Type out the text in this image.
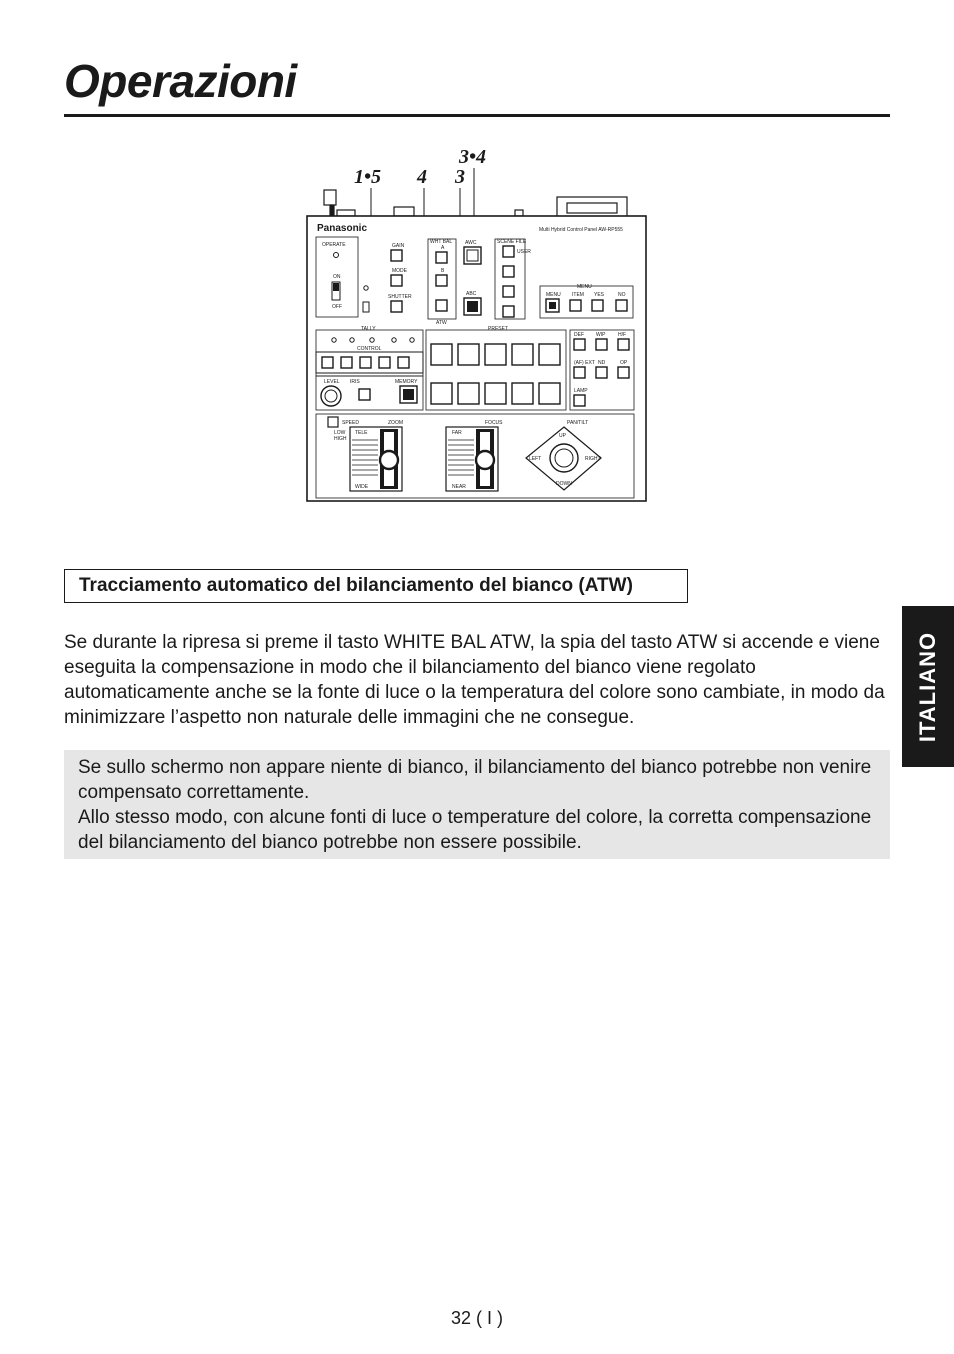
Operazioni
1•5 4 3
3•4
Panasonic	Multi Hybrid Control Panel AW-RP555
OPERATE
ON
OFF
GAIN
MODE
SHUTTER
WHT BAL
A
B
ATW
AWC
ABC
SCENE FILE
USER
MENU
MENU ITEM YES	NO
TALLY
CONTROL
PRESET
DEF WIP	H/F
(AF) EXT ND	OP
LAMP
LEVEL IRIS	MEMORY
SPEED
LOW
HIGH
ZOOM
TELE
WIDE
FOCUS
FAR
NEAR
PAN/TILT
UP
DOWN
LEFT	RIGHT
Tracciamento automatico del bilanciamento del bianco (ATW)

Se durante la ripresa si preme il tasto WHITE BAL ATW, la spia del tasto ATW si accende e viene eseguita la compensazione in modo che il bilanciamento del bianco viene regolato automaticamente anche se la fonte di luce o la temperatura del colore sono cambiate, in modo da minimizzare l’aspetto non naturale delle immagini che ne consegue.

Se sullo schermo non appare niente di bianco, il bilanciamento del bianco potrebbe non venire compensato correttamente.

Allo stesso modo, con alcune fonti di luce o temperature del colore, la corretta compensazione del bilanciamento del bianco potrebbe non essere possibile.

ITALIANO
32 ( I )
